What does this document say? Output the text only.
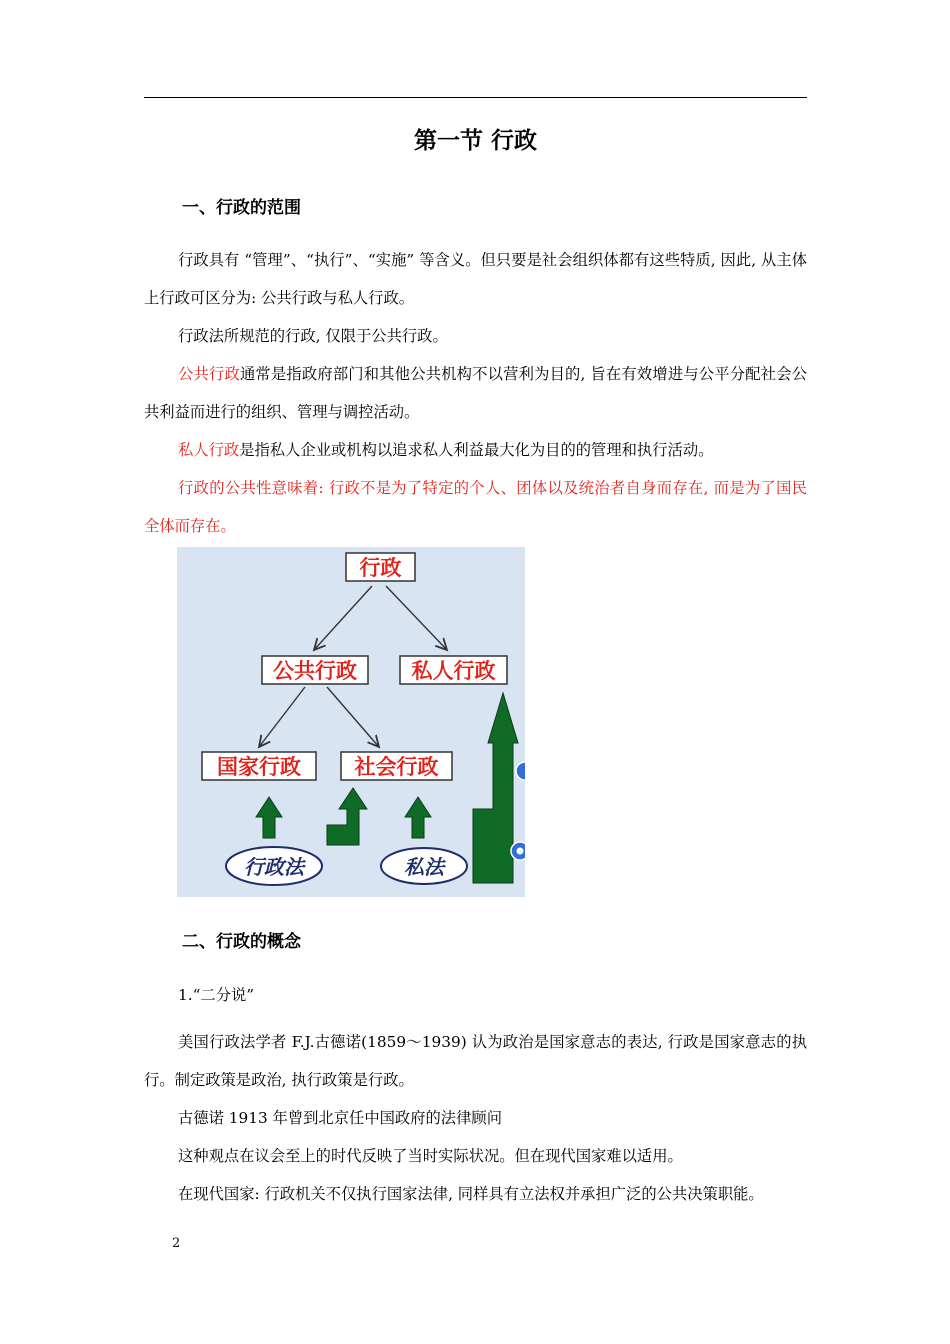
第一节 行政
一、行政的范围

行政具有 “管理”、“执行”、“实施” 等含义。但只要是社会组织体都有这些特质, 因此, 从主体上行政可区分为: 公共行政与私人行政。

行政法所规范的行政, 仅限于公共行政。

公共行政通常是指政府部门和其他公共机构不以营利为目的, 旨在有效增进与公平分配社会公共利益而进行的组织、管理与调控活动。

私人行政是指私人企业或机构以追求私人利益最大化为目的的管理和执行活动。

行政的公共性意味着: 行政不是为了特定的个人、团体以及统治者自身而存在, 而是为了国民全体而存在。

行政
公共行政	私人行政
国家行政	社会行政
行政法	私法
二、行政的概念

1.“二分说”

美国行政法学者 F.J.古德诺(1859～1939) 认为政治是国家意志的表达, 行政是国家意志的执行。制定政策是政治, 执行政策是行政。

古德诺 1913 年曾到北京任中国政府的法律顾问

这种观点在议会至上的时代反映了当时实际状况。但在现代国家难以适用。

在现代国家: 行政机关不仅执行国家法律, 同样具有立法权并承担广泛的公共决策职能。

2
